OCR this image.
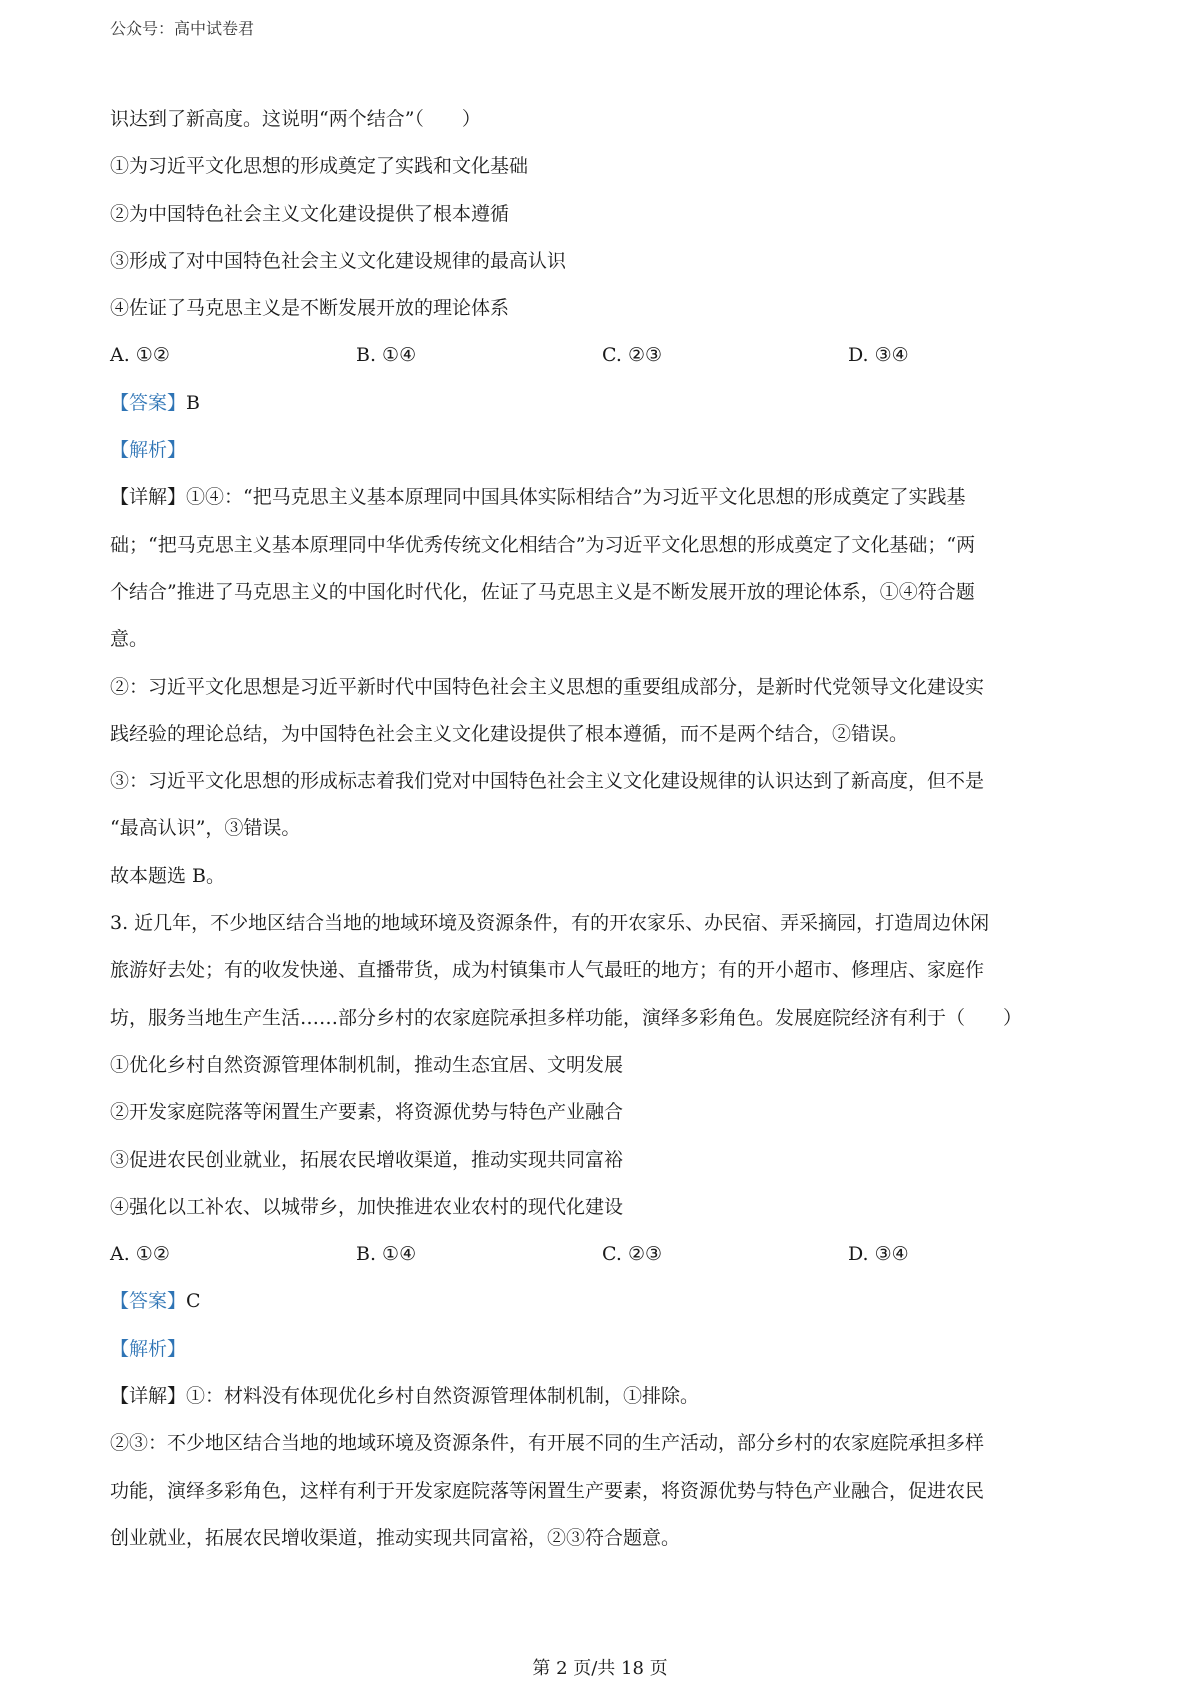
公众号：高中试卷君
识达到了新高度。这说明“两个结合”（　　）
①为习近平文化思想的形成奠定了实践和文化基础
②为中国特色社会主义文化建设提供了根本遵循
③形成了对中国特色社会主义文化建设规律的最高认识
④佐证了马克思主义是不断发展开放的理论体系
A. ①②	B. ①④	C. ②③	D. ③④
【答案】B
【解析】
【详解】①④：“把马克思主义基本原理同中国具体实际相结合”为习近平文化思想的形成奠定了实践基
础；“把马克思主义基本原理同中华优秀传统文化相结合”为习近平文化思想的形成奠定了文化基础；“两
个结合”推进了马克思主义的中国化时代化，佐证了马克思主义是不断发展开放的理论体系，①④符合题
意。
②：习近平文化思想是习近平新时代中国特色社会主义思想的重要组成部分，是新时代党领导文化建设实
践经验的理论总结，为中国特色社会主义文化建设提供了根本遵循，而不是两个结合，②错误。
③：习近平文化思想的形成标志着我们党对中国特色社会主义文化建设规律的认识达到了新高度，但不是
“最高认识”，③错误。
故本题选 B。
3. 近几年，不少地区结合当地的地域环境及资源条件，有的开农家乐、办民宿、弄采摘园，打造周边休闲
旅游好去处；有的收发快递、直播带货，成为村镇集市人气最旺的地方；有的开小超市、修理店、家庭作
坊，服务当地生产生活……部分乡村的农家庭院承担多样功能，演绎多彩角色。发展庭院经济有利于（　　）
①优化乡村自然资源管理体制机制，推动生态宜居、文明发展
②开发家庭院落等闲置生产要素，将资源优势与特色产业融合
③促进农民创业就业，拓展农民增收渠道，推动实现共同富裕
④强化以工补农、以城带乡，加快推进农业农村的现代化建设
A. ①②	B. ①④	C. ②③	D. ③④
【答案】C
【解析】
【详解】①：材料没有体现优化乡村自然资源管理体制机制，①排除。
②③：不少地区结合当地的地域环境及资源条件，有开展不同的生产活动，部分乡村的农家庭院承担多样
功能，演绎多彩角色，这样有利于开发家庭院落等闲置生产要素，将资源优势与特色产业融合，促进农民
创业就业，拓展农民增收渠道，推动实现共同富裕，②③符合题意。
第 2 页/共 18 页
